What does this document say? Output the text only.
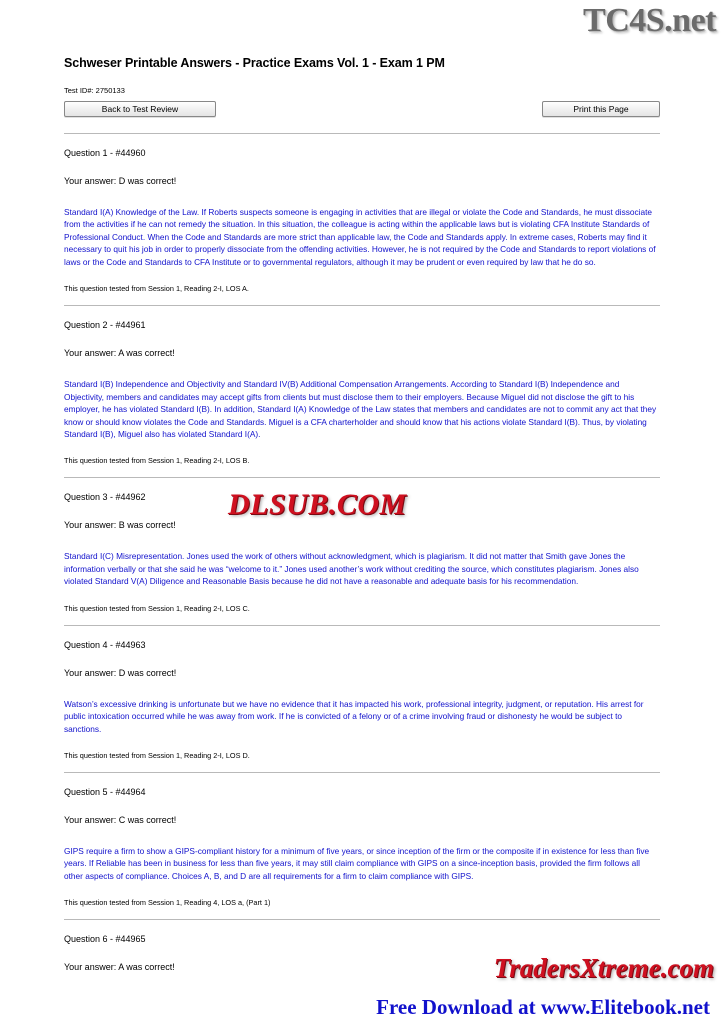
TC4S.net
Schweser Printable Answers - Practice Exams Vol. 1 - Exam 1 PM
Test ID#: 2750133
Back to Test Review	Print this Page
Question 1 - #44960
Your answer: D was correct!
Standard I(A) Knowledge of the Law. If Roberts suspects someone is engaging in activities that are illegal or violate the Code and Standards, he must dissociate from the activities if he can not remedy the situation. In this situation, the colleague is acting within the applicable laws but is violating CFA Institute Standards of Professional Conduct. When the Code and Standards are more strict than applicable law, the Code and Standards apply. In extreme cases, Roberts may find it necessary to quit his job in order to properly dissociate from the offending activities. However, he is not required by the Code and Standards to report violations of laws or the Code and Standards to CFA Institute or to governmental regulators, although it may be prudent or even required by law that he do so.
This question tested from Session 1, Reading 2-I, LOS A.
Question 2 - #44961
Your answer: A was correct!
Standard I(B) Independence and Objectivity and Standard IV(B) Additional Compensation Arrangements. According to Standard I(B) Independence and Objectivity, members and candidates may accept gifts from clients but must disclose them to their employers. Because Miguel did not disclose the gift to his employer, he has violated Standard I(B). In addition, Standard I(A) Knowledge of the Law states that members and candidates are not to commit any act that they know or should know violates the Code and Standards. Miguel is a CFA charterholder and should know that his actions violate Standard I(B). Thus, by violating Standard I(B), Miguel also has violated Standard I(A).
This question tested from Session 1, Reading 2-I, LOS B.
Question 3 - #44962
Your answer: B was correct!
Standard I(C) Misrepresentation. Jones used the work of others without acknowledgment, which is plagiarism. It did not matter that Smith gave Jones the information verbally or that she said he was “welcome to it.” Jones used another’s work without crediting the source, which constitutes plagiarism. Jones also violated Standard V(A) Diligence and Reasonable Basis because he did not have a reasonable and adequate basis for his recommendation.
This question tested from Session 1, Reading 2-I, LOS C.
Question 4 - #44963
Your answer: D was correct!
Watson’s excessive drinking is unfortunate but we have no evidence that it has impacted his work, professional integrity, judgment, or reputation. His arrest for public intoxication occurred while he was away from work. If he is convicted of a felony or of a crime involving fraud or dishonesty he would be subject to sanctions.
This question tested from Session 1, Reading 2-I, LOS D.
Question 5 - #44964
Your answer: C was correct!
GIPS require a firm to show a GIPS-compliant history for a minimum of five years, or since inception of the firm or the composite if in existence for less than five years. If Reliable has been in business for less than five years, it may still claim compliance with GIPS on a since-inception basis, provided the firm follows all other aspects of compliance. Choices A, B, and D are all requirements for a firm to claim compliance with GIPS.
This question tested from Session 1, Reading 4, LOS a, (Part 1)
Question 6 - #44965
Your answer: A was correct!
DLSUB.COM
TradersXtreme.com
Free Download at www.Elitebook.net
